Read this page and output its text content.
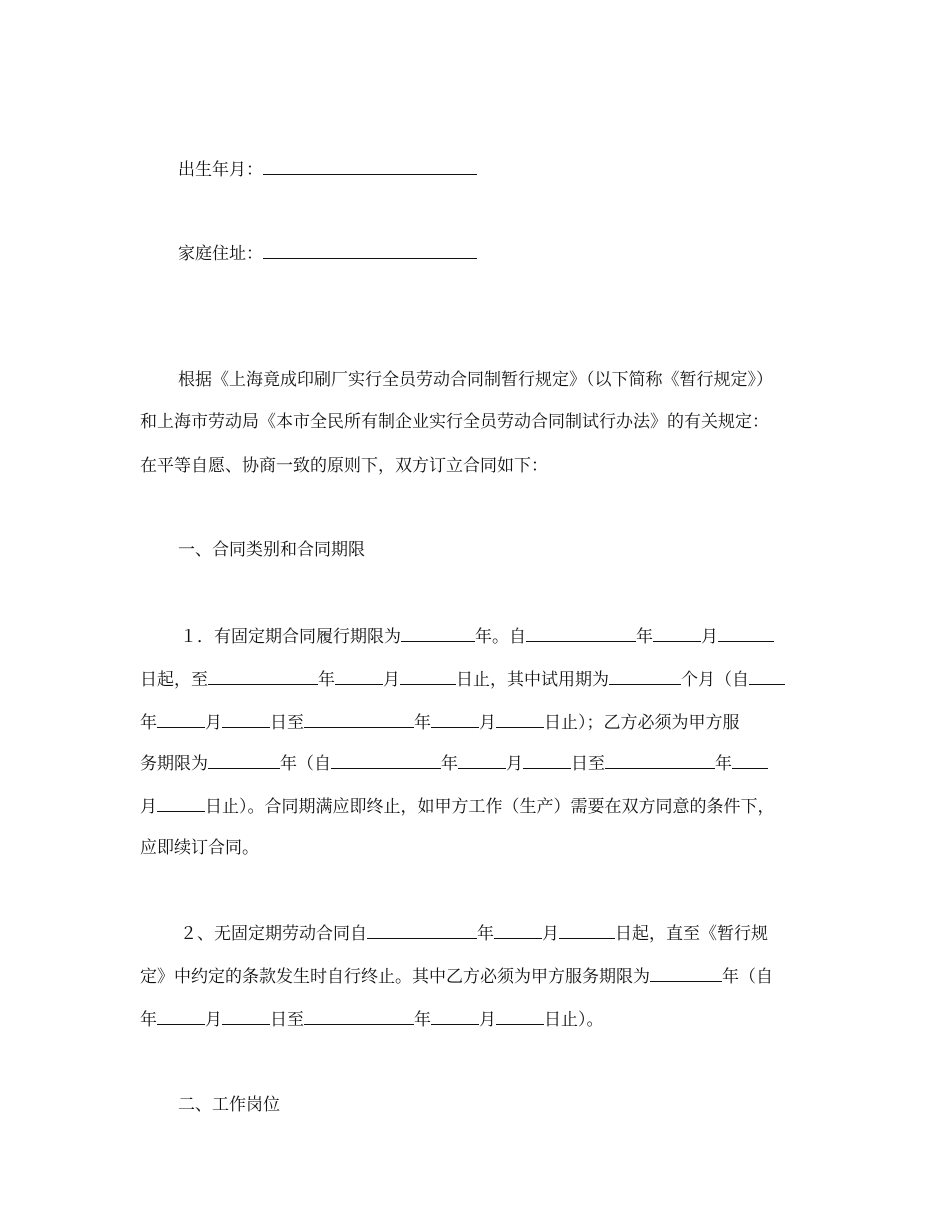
出生年月：
家庭住址：
根据《上海竟成印刷厂实行全员劳动合同制暂行规定》（以下简称《暂行规定》）
和上海市劳动局《本市全民所有制企业实行全员劳动合同制试行办法》的有关规定：
在平等自愿、协商一致的原则下，双方订立合同如下：
一、合同类别和合同期限
１．有固定期合同履行期限为	年。自	年	月
日起，至	年	月	日止，其中试用期为	个月（自
年	月	日至	年	月	日止）；乙方必须为甲方服
务期限为	年（自	年	月	日至	年
月	日止）。合同期满应即终止，如甲方工作（生产）需要在双方同意的条件下，
应即续订合同。
２、无固定期劳动合同自	年	月	日起，直至《暂行规
定》中约定的条款发生时自行终止。其中乙方必须为甲方服务期限为	年（自
年	月	日至	年	月	日止）。
二、工作岗位
